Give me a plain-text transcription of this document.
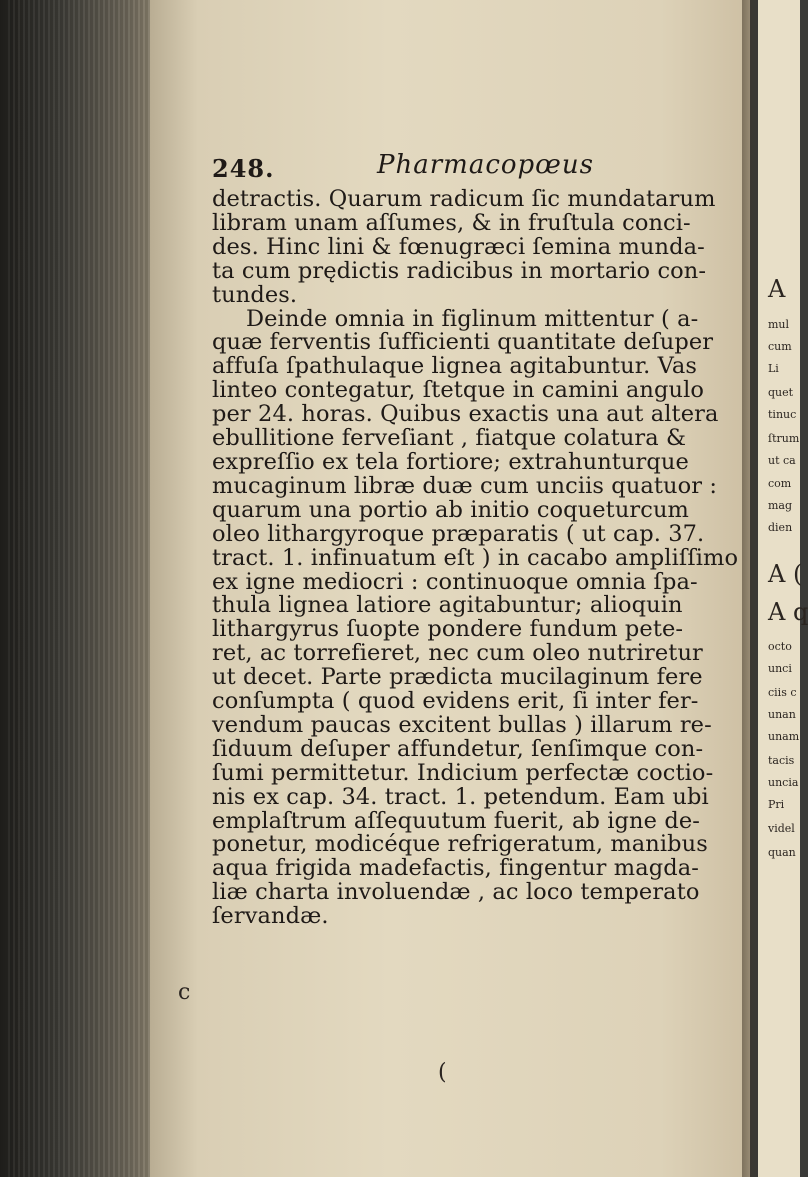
A
mul
cum
Li
quet
tinuc
ſtrum
ut ca
com
mag
dien
A (
A q
octo
unci
ciis c
unan
unam
tacis
uncia
Pri
videl
quan
248.	Pharmacopœus
detractis. Quarum radicum ſic mundatarum
libram unam aſſumes, & in fruſtula conci-
des. Hinc lini & fœnugræci ſemina munda-
ta cum prędictis radicibus in mortario con-
tundes.
Deinde omnia in figlinum mittentur ( a-
quæ ferventis ſufficienti quantitate deſuper
affuſa ſpathulaque lignea agitabuntur. Vas
linteo contegatur, ſtetque in camini angulo
per 24. horas. Quibus exactis una aut altera
ebullitione ferveſiant , fiatque colatura &
expreſſio ex tela fortiore; extrahunturque
mucaginum libræ duæ cum unciis quatuor :
quarum una portio ab initio coqueturcum
oleo lithargyroque præparatis ( ut cap. 37.
tract. 1. infinuatum eſt ) in cacabo ampliſſimo
ex igne mediocri : continuoque omnia ſpa-
thula lignea latiore agitabuntur; alioquin
lithargyrus ſuopte pondere fundum pete-
ret, ac torrefieret, nec cum oleo nutriretur
ut decet. Parte prædicta mucilaginum fere
conſumpta ( quod evidens erit, ſi inter fer-
vendum paucas excitent bullas ) illarum re-
ſiduum deſuper affundetur, ſenſimque con-
ſumi permittetur. Indicium perfectæ coctio-
nis ex cap. 34. tract. 1. petendum. Eam ubi
emplaſtrum aſſequutum fuerit, ab igne de-
ponetur, modicéque refrigeratum, manibus
aqua frigida madefactis, fingentur magda-
liæ charta involuendæ , ac loco temperato
ſervandæ.
c
(
